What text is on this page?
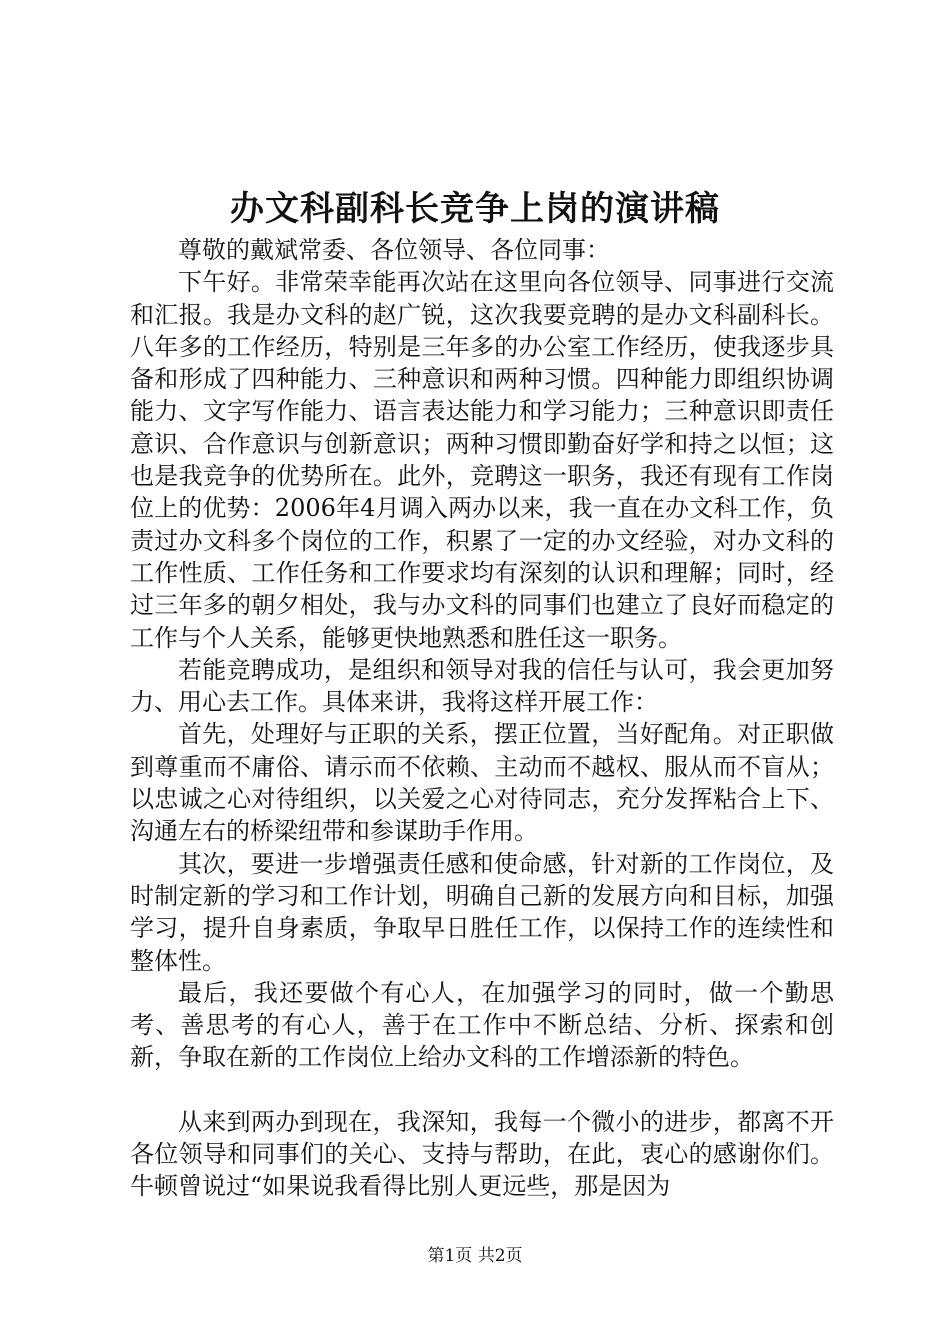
办文科副科长竞争上岗的演讲稿

尊敬的戴斌常委、各位领导、各位同事：

下午好。非常荣幸能再次站在这里向各位领导、同事进行交流和汇报。我是办文科的赵广锐，这次我要竞聘的是办文科副科长。八年多的工作经历，特别是三年多的办公室工作经历，使我逐步具备和形成了四种能力、三种意识和两种习惯。四种能力即组织协调能力、文字写作能力、语言表达能力和学习能力；三种意识即责任意识、合作意识与创新意识；两种习惯即勤奋好学和持之以恒；这也是我竞争的优势所在。此外，竞聘这一职务，我还有现有工作岗位上的优势：2006年4月调入两办以来，我一直在办文科工作，负责过办文科多个岗位的工作，积累了一定的办文经验，对办文科的工作性质、工作任务和工作要求均有深刻的认识和理解；同时，经过三年多的朝夕相处，我与办文科的同事们也建立了良好而稳定的工作与个人关系，能够更快地熟悉和胜任这一职务。

若能竞聘成功，是组织和领导对我的信任与认可，我会更加努力、用心去工作。具体来讲，我将这样开展工作：

首先，处理好与正职的关系，摆正位置，当好配角。对正职做到尊重而不庸俗、请示而不依赖、主动而不越权、服从而不盲从；以忠诚之心对待组织，以关爱之心对待同志，充分发挥粘合上下、沟通左右的桥梁纽带和参谋助手作用。

其次，要进一步增强责任感和使命感，针对新的工作岗位，及时制定新的学习和工作计划，明确自己新的发展方向和目标，加强学习，提升自身素质，争取早日胜任工作，以保持工作的连续性和整体性。

最后，我还要做个有心人，在加强学习的同时，做一个勤思考、善思考的有心人，善于在工作中不断总结、分析、探索和创新，争取在新的工作岗位上给办文科的工作增添新的特色。

从来到两办到现在，我深知，我每一个微小的进步，都离不开各位领导和同事们的关心、支持与帮助，在此，衷心的感谢你们。牛顿曾说过“如果说我看得比别人更远些，那是因为

第1页 共2页
